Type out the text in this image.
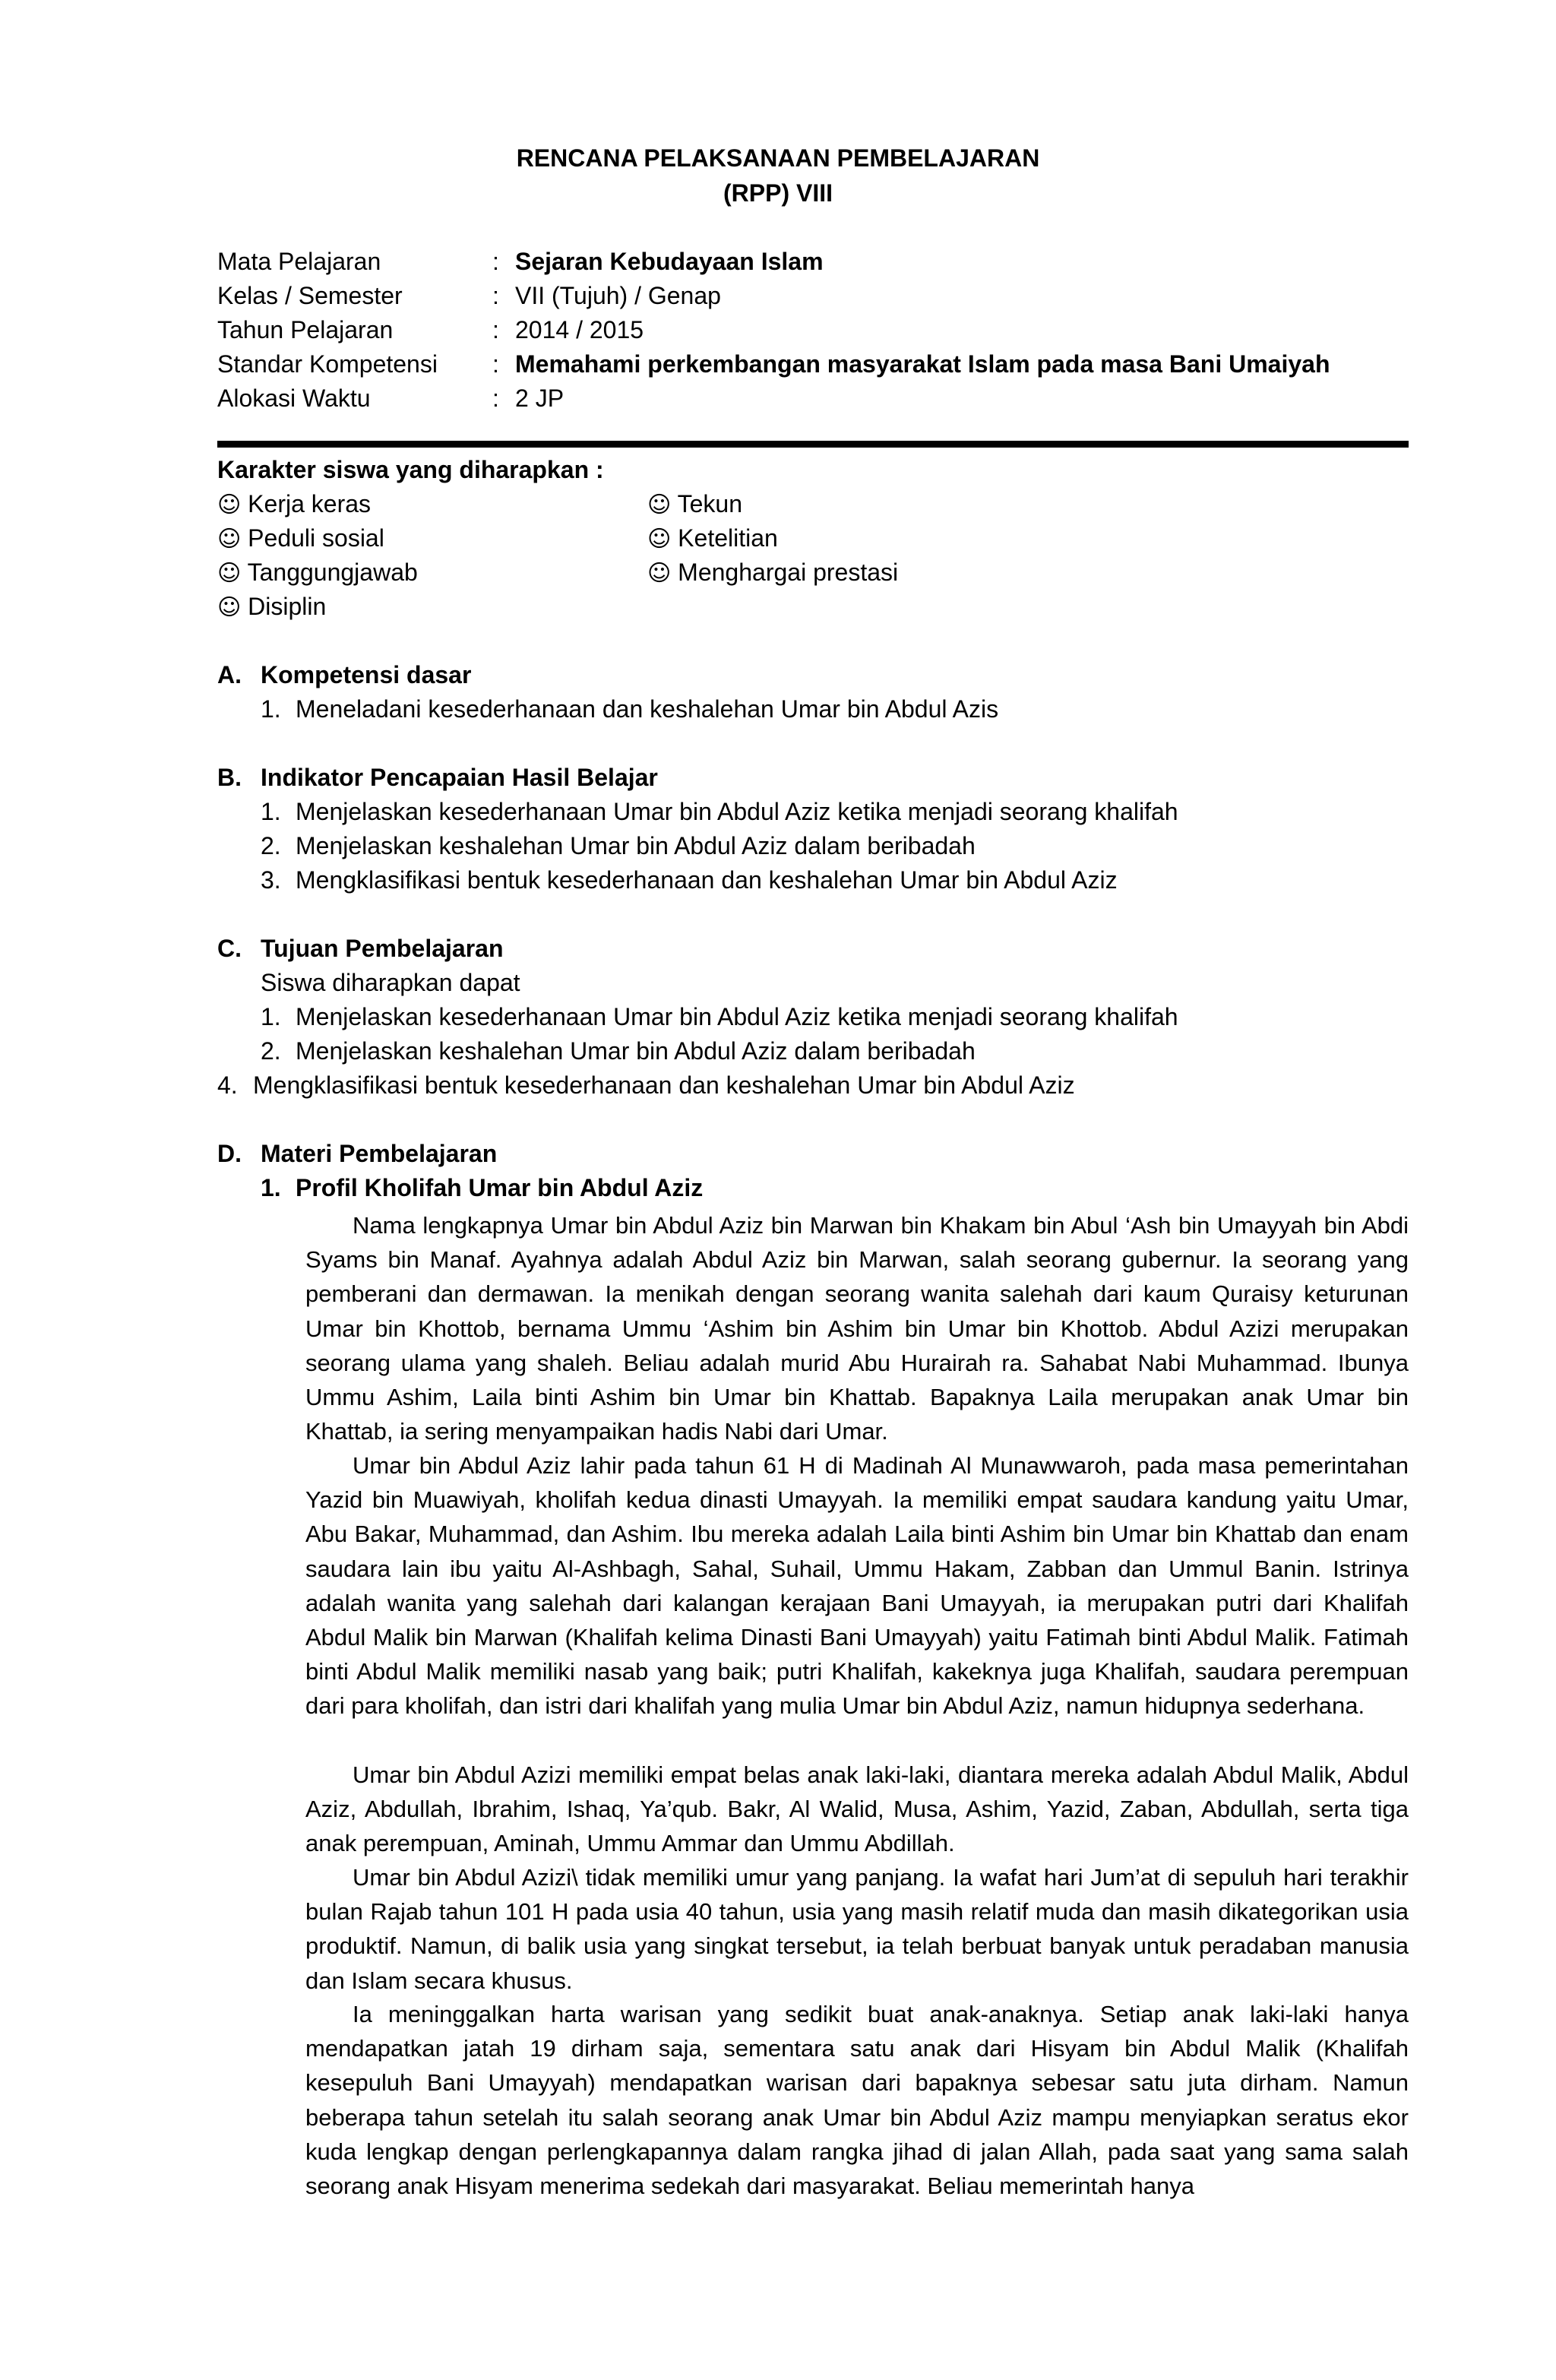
RENCANA PELAKSANAAN PEMBELAJARAN
(RPP) VIII
Mata Pelajaran	: Sejaran Kebudayaan Islam
Kelas / Semester	: VII (Tujuh) / Genap
Tahun Pelajaran	: 2014 / 2015
Standar Kompetensi : Memahami perkembangan masyarakat Islam pada masa Bani Umaiyah
Alokasi Waktu	: 2 JP
Karakter siswa yang diharapkan :
☺ Kerja keras
☺ Peduli sosial
☺ Tanggungjawab
☺ Disiplin
☺ Tekun
☺ Ketelitian
☺ Menghargai prestasi
A. Kompetensi dasar
1. Meneladani kesederhanaan dan keshalehan Umar bin Abdul Azis
B. Indikator Pencapaian Hasil Belajar
1. Menjelaskan kesederhanaan Umar bin Abdul Aziz ketika menjadi seorang khalifah
2. Menjelaskan keshalehan Umar bin Abdul Aziz dalam beribadah
3. Mengklasifikasi bentuk kesederhanaan dan keshalehan Umar bin Abdul Aziz
C. Tujuan Pembelajaran
Siswa diharapkan dapat
1. Menjelaskan kesederhanaan Umar bin Abdul Aziz ketika menjadi seorang khalifah
2. Menjelaskan keshalehan Umar bin Abdul Aziz dalam beribadah
4. Mengklasifikasi bentuk kesederhanaan dan keshalehan Umar bin Abdul Aziz
D. Materi Pembelajaran
1. Profil Kholifah Umar bin Abdul Aziz

Nama lengkapnya Umar bin Abdul Aziz bin Marwan bin Khakam bin Abul ‘Ash bin Umayyah bin Abdi Syams bin Manaf. Ayahnya adalah Abdul Aziz bin Marwan, salah seorang gubernur. Ia seorang yang pemberani dan dermawan. Ia menikah dengan seorang wanita salehah dari kaum Quraisy keturunan Umar bin Khottob, bernama Ummu ‘Ashim bin Ashim bin Umar bin Khottob. Abdul Azizi merupakan seorang ulama yang shaleh. Beliau adalah murid Abu Hurairah ra. Sahabat Nabi Muhammad. Ibunya Ummu Ashim, Laila binti Ashim bin Umar bin Khattab. Bapaknya Laila merupakan anak Umar bin Khattab, ia sering menyampaikan hadis Nabi dari Umar.

Umar bin Abdul Aziz lahir pada tahun 61 H di Madinah Al Munawwaroh, pada masa pemerintahan Yazid bin Muawiyah, kholifah kedua dinasti Umayyah. Ia memiliki empat saudara kandung yaitu Umar, Abu Bakar, Muhammad, dan Ashim. Ibu mereka adalah Laila binti Ashim bin Umar bin Khattab dan enam saudara lain ibu yaitu Al-Ashbagh, Sahal, Suhail, Ummu Hakam, Zabban dan Ummul Banin. Istrinya adalah wanita yang salehah dari kalangan kerajaan Bani Umayyah, ia merupakan putri dari Khalifah Abdul Malik bin Marwan (Khalifah kelima Dinasti Bani Umayyah) yaitu Fatimah binti Abdul Malik. Fatimah binti Abdul Malik memiliki nasab yang baik; putri Khalifah, kakeknya juga Khalifah, saudara perempuan dari para kholifah, dan istri dari khalifah yang mulia Umar bin Abdul Aziz, namun hidupnya sederhana.

Umar bin Abdul Azizi memiliki empat belas anak laki-laki, diantara mereka adalah Abdul Malik, Abdul Aziz, Abdullah, Ibrahim, Ishaq, Ya’qub. Bakr, Al Walid, Musa, Ashim, Yazid, Zaban, Abdullah, serta tiga anak perempuan, Aminah, Ummu Ammar dan Ummu Abdillah.

Umar bin Abdul Azizi\ tidak memiliki umur yang panjang. Ia wafat hari Jum’at di sepuluh hari terakhir bulan Rajab tahun 101 H pada usia 40 tahun, usia yang masih relatif muda dan masih dikategorikan usia produktif. Namun, di balik usia yang singkat tersebut, ia telah berbuat banyak untuk peradaban manusia dan Islam secara khusus.

Ia meninggalkan harta warisan yang sedikit buat anak-anaknya. Setiap anak laki-laki hanya mendapatkan jatah 19 dirham saja, sementara satu anak dari Hisyam bin Abdul Malik (Khalifah kesepuluh Bani Umayyah) mendapatkan warisan dari bapaknya sebesar satu juta dirham. Namun beberapa tahun setelah itu salah seorang anak Umar bin Abdul Aziz mampu menyiapkan seratus ekor kuda lengkap dengan perlengkapannya dalam rangka jihad di jalan Allah, pada saat yang sama salah seorang anak Hisyam menerima sedekah dari masyarakat. Beliau memerintah hanya
